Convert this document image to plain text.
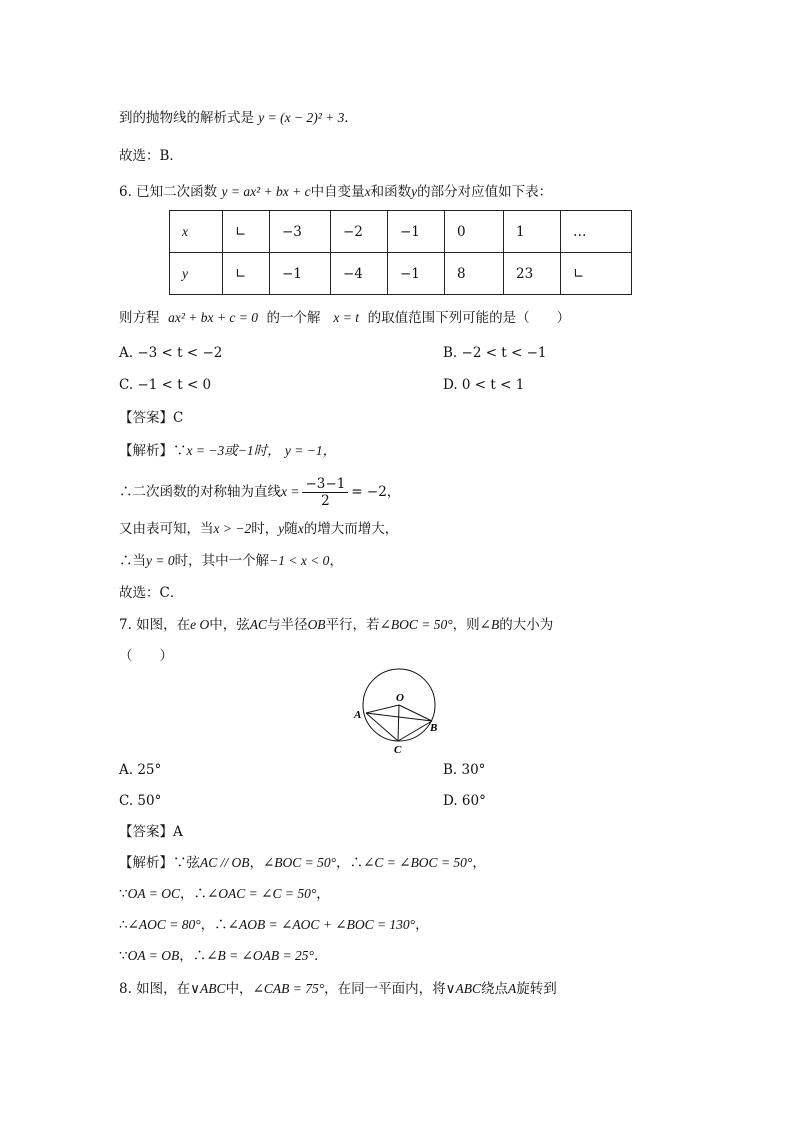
到的抛物线的解析式是 y = (x − 2)² + 3．
故选：B．
6. 已知二次函数 y = ax² + bx + c中自变量x和函数y的部分对应值如下表：
x	∟	−3	−2	−1	0	1	…
y	∟	−1	−4	−1	8	23	∟
则方程 ax² + bx + c = 0 的一个解 x = t 的取值范围下列可能的是（　　）
A. −3 < t < −2	B. −2 < t < −1
C. −1 < t < 0	D. 0 < t < 1
【答案】C
【解析】∵x = −3或−1时， y = −1，
∴二次函数的对称轴为直线$x = \frac{-3-1}{2} = -2$，
又由表可知，当x > −2时，y随x的增大而增大，
∴当y = 0时，其中一个解−1 < x < 0，
故选：C．
7. 如图，在e O中，弦AC与半径OB平行，若∠BOC = 50°，则∠B的大小为
（　　）
O
A
B
C
A. 25°	B. 30°
C. 50°	D. 60°
【答案】A
【解析】∵弦AC // OB，∠BOC = 50°，∴∠C = ∠BOC = 50°，
∵OA = OC，∴∠OAC = ∠C = 50°，
∴∠AOC = 80°，∴∠AOB = ∠AOC + ∠BOC = 130°，
∵OA = OB，∴∠B = ∠OAB = 25°．
8. 如图，在∨ABC中，∠CAB = 75°，在同一平面内，将∨ABC绕点A旋转到
